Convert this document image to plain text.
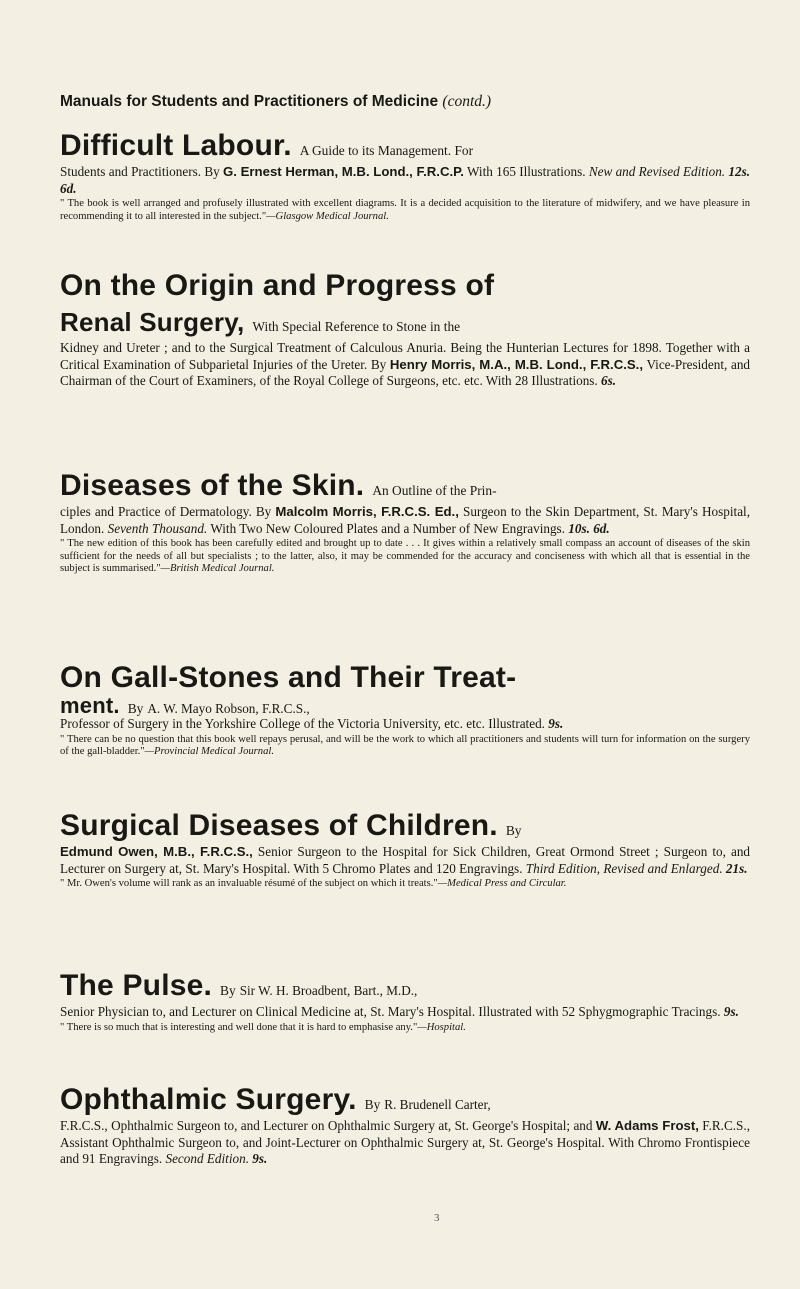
Manuals for Students and Practitioners of Medicine (contd.)
Difficult Labour. A Guide to its Management. For
Students and Practitioners. By G. Ernest Herman, M.B. Lond., F.R.C.P. With 165 Illustrations. New and Revised Edition. 12s. 6d.
" The book is well arranged and profusely illustrated with excellent diagrams. It is a decided acquisition to the literature of midwifery, and we have pleasure in recommending it to all interested in the subject."—Glasgow Medical Journal.
On the Origin and Progress of
Renal Surgery, With Special Reference to Stone in the
Kidney and Ureter ; and to the Surgical Treatment of Calculous Anuria. Being the Hunterian Lectures for 1898. Together with a Critical Examination of Subparietal Injuries of the Ureter. By Henry Morris, M.A., M.B. Lond., F.R.C.S., Vice-President, and Chairman of the Court of Examiners, of the Royal College of Surgeons, etc. etc. With 28 Illustrations. 6s.
Diseases of the Skin. An Outline of the Prin-
ciples and Practice of Dermatology. By Malcolm Morris, F.R.C.S. Ed., Surgeon to the Skin Department, St. Mary's Hospital, London. Seventh Thousand. With Two New Coloured Plates and a Number of New Engravings. 10s. 6d.
" The new edition of this book has been carefully edited and brought up to date . . . It gives within a relatively small compass an account of diseases of the skin sufficient for the needs of all but specialists ; to the latter, also, it may be commended for the accuracy and conciseness with which all that is essential in the subject is summarised."—British Medical Journal.
On Gall-Stones and Their Treat-
ment. By A. W. Mayo Robson, F.R.C.S.,
Professor of Surgery in the Yorkshire College of the Victoria University, etc. etc. Illustrated. 9s.
" There can be no question that this book well repays perusal, and will be the work to which all practitioners and students will turn for information on the surgery of the gall-bladder."—Provincial Medical Journal.
Surgical Diseases of Children. By
Edmund Owen, M.B., F.R.C.S., Senior Surgeon to the Hospital for Sick Children, Great Ormond Street ; Surgeon to, and Lecturer on Surgery at, St. Mary's Hospital. With 5 Chromo Plates and 120 Engravings. Third Edition, Revised and Enlarged. 21s.
" Mr. Owen's volume will rank as an invaluable résumé of the subject on which it treats."—Medical Press and Circular.
The Pulse. By Sir W. H. Broadbent, Bart., M.D.,
Senior Physician to, and Lecturer on Clinical Medicine at, St. Mary's Hospital. Illustrated with 52 Sphygmographic Tracings. 9s.
" There is so much that is interesting and well done that it is hard to emphasise any."—Hospital.
Ophthalmic Surgery. By R. Brudenell Carter,
F.R.C.S., Ophthalmic Surgeon to, and Lecturer on Ophthalmic Surgery at, St. George's Hospital; and W. Adams Frost, F.R.C.S., Assistant Ophthalmic Surgeon to, and Joint-Lecturer on Ophthalmic Surgery at, St. George's Hospital. With Chromo Frontispiece and 91 Engravings. Second Edition. 9s.
3
